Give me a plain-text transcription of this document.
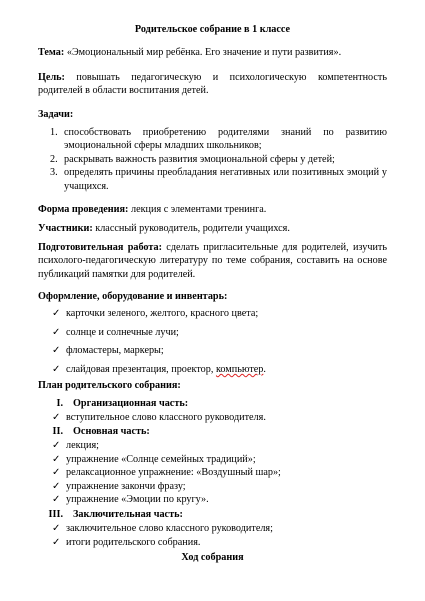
Родительское собрание в 1 классе
Тема: «Эмоциональный мир ребёнка. Его значение и пути развития».
Цель: повышать педагогическую и психологическую компетентность родителей в области воспитания детей.
Задачи:
1. способствовать приобретению родителями знаний по развитию эмоциональной сферы младших школьников;
2. раскрывать важность развития эмоциональной сферы у детей;
3. определять причины преобладания негативных или позитивных эмоций у учащихся.
Форма проведения: лекция с элементами тренинга.
Участники: классный руководитель, родители учащихся.
Подготовительная работа: сделать пригласительные для родителей, изучить психолого-педагогическую литературу по теме собрания, составить на основе публикаций памятки для родителей.
Оформление, оборудование и инвентарь:
✓ карточки зеленого, желтого, красного цвета;
✓ солнце и солнечные лучи;
✓ фломастеры, маркеры;
✓ слайдовая презентация, проектор, компьютер.
План родительского собрания:
I. Организационная часть:
✓ вступительное слово классного руководителя.
II. Основная часть:
✓ лекция;
✓ упражнение «Солнце семейных традиций»;
✓ релаксационное упражнение: «Воздушный шар»;
✓ упражнение закончи фразу;
✓ упражнение «Эмоции по кругу».
III. Заключительная часть:
✓ заключительное слово классного руководителя;
✓ итоги родительского собрания.
Ход собрания
